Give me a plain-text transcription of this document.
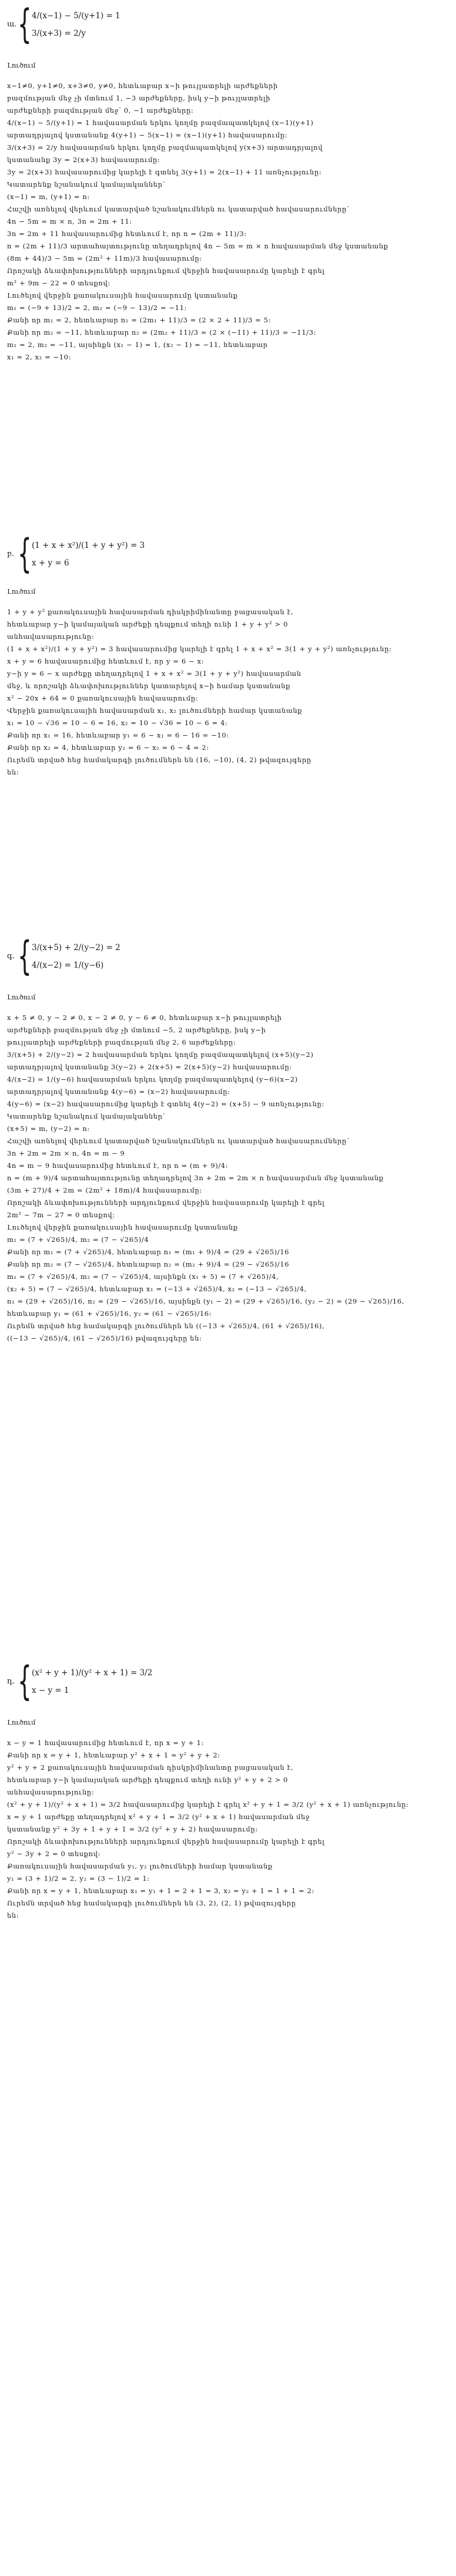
ա. { 4/(x−1) − 5/(y+1) = 1
3/(x+3) = 2/y

Լուծում

x−1≠0, y+1≠0, x+3≠0, y≠0, հետևաբար x−ի թույլատրելի արժեքների
բազմության մեջ չի մտնում 1, −3 արժեքները, իսկ y−ի թույլատրելի
արժեքների բազմության մեջ՝ 0, −1 արժեքները։
4/(x−1) − 5/(y+1) = 1 հավասարման երկու կողմը բազմապատկելով (x−1)(y+1)
արտադրյալով կստանանք 4(y+1) − 5(x−1) = (x−1)(y+1) հավասարումը։
3/(x+3) = 2/y հավասարման երկու կողմը բազմապատկելով y(x+3) արտադրյալով
կստանանք 3y = 2(x+3) հավասարումը։
3y = 2(x+3) հավասարումից կարելի է գտնել 3(y+1) = 2(x−1) + 11 առնչությունը։
Կատարենք նշանակում կամայականներ՝
(x−1) = m, (y+1) = n։
Հաշվի առնելով վերևում կատարված նշանակումներն ու կատարված հավասարումները՝
4n − 5m = m × n, 3n = 2m + 11։
3n = 2m + 11 հավասարումից հետևում է, որ n = (2m + 11)/3։
n = (2m + 11)/3 արտահայտությունը տեղադրելով 4n − 5m = m × n հավասարման մեջ կստանանք
(8m + 44)/3 − 5m = (2m² + 11m)/3 հավասարումը։
Որոշակի ձևափոխությունների արդյունքում վերջին հավասարումը կարելի է գրել
m² + 9m − 22 = 0 տեսքով։
Լուծելով վերջին քառակուսային հավասարումը կստանանք
m₁ = (−9 + 13)/2 = 2, m₂ = (−9 − 13)/2 = −11։
Քանի որ m₁ = 2, հետևաբար n₁ = (2m₁ + 11)/3 = (2 × 2 + 11)/3 = 5։
Քանի որ m₂ = −11, հետևաբար n₂ = (2m₂ + 11)/3 = (2 × (−11) + 11)/3 = −11/3։
m₁ = 2, m₂ = −11, այսինքն (x₁ − 1) = 1, (x₂ − 1) = −11, հետևաբար
x₁ = 2, x₂ = −10։
բ. { (1 + x + x²)/(1 + y + y²) = 3
x + y = 6

Լուծում

1 + y + y² քառակուսային հավասարման դիսկրիմինանտը բացասական է,
հետևաբար y−ի կամայական արժեքի դեպքում տեղի ունի 1 + y + y² > 0
անհավասարությունը։
(1 + x + x²)/(1 + y + y²) = 3 հավասարումից կարելի է գրել 1 + x + x² = 3(1 + y + y²) առնչությունը։
x + y = 6 հավասարումից հետևում է, որ y = 6 − x։
y−ի y = 6 − x արժեքը տեղադրելով 1 + x + x² = 3(1 + y + y²) հավասարման
մեջ, և որոշակի ձևափոխություններ կատարելով x−ի համար կստանանք
x² − 20x + 64 = 0 քառակուսային հավասարումը։
Վերջին քառակուսային հավասարման x₁, x₂ լուծումների համար կստանանք
x₁ = 10 − √36 = 10 − 6 = 16, x₂ = 10 − √36 = 10 − 6 = 4։
Քանի որ x₁ = 16, հետևաբար y₁ = 6 − x₁ = 6 − 16 = −10։
Քանի որ x₂ = 4, հետևաբար y₂ = 6 − x₂ = 6 − 4 = 2։
Ուրեմն տրված հեց համակարգի լուծումներն են (16, −10), (4, 2) թվազույգերը
են։
գ. { 3/(x+5) + 2/(y−2) = 2
4/(x−2) = 1/(y−6)

Լուծում

x + 5 ≠ 0, y − 2 ≠ 0, x − 2 ≠ 0, y − 6 ≠ 0, հետևաբար x−ի թույլատրելի
արժեքների բազմության մեջ չի մտնում −5, 2 արժեքները, իսկ y−ի
թույլատրելի արժեքների բազմության մեջ 2, 6 արժեքները։
3/(x+5) + 2/(y−2) = 2 հավասարման երկու կողմը բազմապատկելով (x+5)(y−2)
արտադրյալով կստանանք 3(y−2) + 2(x+5) = 2(x+5)(y−2) հավասարումը։
4/(x−2) = 1/(y−6) հավասարման երկու կողմը բազմապատկելով (y−6)(x−2)
արտադրյալով կստանանք 4(y−6) = (x−2) հավասարումը։
4(y−6) = (x−2) հավասարումից կարելի է գտնել 4(y−2) = (x+5) − 9 առնչությունը։
Կատարենք նշանակում կամայականներ՝
(x+5) = m, (y−2) = n։
Հաշվի առնելով վերևում կատարված նշանակումներն ու կատարված հավասարումները՝
3n + 2m = 2m × n, 4n = m − 9
4n = m − 9 հավասարումից հետևում է, որ n = (m + 9)/4։
n = (m + 9)/4 արտահայտությունը տեղադրելով 3n + 2m = 2m × n հավասարման մեջ կստանանք
(3m + 27)/4 + 2m = (2m² + 18m)/4 հավասարումը։
Որոշակի ձևափոխությունների արդյունքում վերջին հավասարումը կարելի է գրել
2m² − 7m − 27 = 0 տեսքով։
Լուծելով վերջին քառակուսային հավասարումը կստանանք
m₁ = (7 + √265)/4, m₂ = (7 − √265)/4
Քանի որ m₁ = (7 + √265)/4, հետևաբար n₁ = (m₁ + 9)/4 = (29 + √265)/16
Քանի որ m₂ = (7 − √265)/4, հետևաբար n₂ = (m₂ + 9)/4 = (29 − √265)/16
m₁ = (7 + √265)/4, m₂ = (7 − √265)/4, այսինքն (x₁ + 5) = (7 + √265)/4,
(x₂ + 5) = (7 − √265)/4, հետևաբար x₁ = (−13 + √265)/4, x₂ = (−13 − √265)/4,
n₁ = (29 + √265)/16, n₂ = (29 − √265)/16, այսինքն (y₁ − 2) = (29 + √265)/16, (y₂ − 2) = (29 − √265)/16,
հետևաբար y₁ = (61 + √265)/16, y₂ = (61 − √265)/16։
Ուրեմն տրված հեց համակարգի լուծումներն են ((−13 + √265)/4, (61 + √265)/16),
((−13 − √265)/4, (61 − √265)/16) թվազույգերը են։
դ. { (x² + y + 1)/(y² + x + 1) = 3/2
x − y = 1

Լուծում

x − y = 1 հավասարումից հետևում է, որ x = y + 1։
Քանի որ x = y + 1, հետևաբար y² + x + 1 = y² + y + 2։
y² + y + 2 քառակուսային հավասարման դիսկրիմինանտը բացասական է,
հետևաբար y−ի կամայական արժեքի դեպքում տեղի ունի y² + y + 2 > 0
անհավասարությունը։
(x² + y + 1)/(y² + x + 1) = 3/2 հավասարումից կարելի է գրել x² + y + 1 = 3/2 (y² + x + 1) առնչությունը։
x = y + 1 արժեքը տեղադրելով x² + y + 1 = 3/2 (y² + x + 1) հավասարման մեջ
կստանանք y² + 3y + 1 + y + 1 = 3/2 (y² + y + 2) հավասարումը։
Որոշակի ձևափոխությունների արդյունքում վերջին հավասարումը կարելի է գրել
y² − 3y + 2 = 0 տեսքով։
Քառակուսային հավասարման y₁, y₂ լուծումների համար կստանանք
y₁ = (3 + 1)/2 = 2, y₂ = (3 − 1)/2 = 1։
Քանի որ x = y + 1, հետևաբար x₁ = y₁ + 1 = 2 + 1 = 3, x₂ = y₂ + 1 = 1 + 1 = 2։
Ուրեմն տրված հեց համակարգի լուծումներն են (3, 2), (2, 1) թվազույգերը
են։
